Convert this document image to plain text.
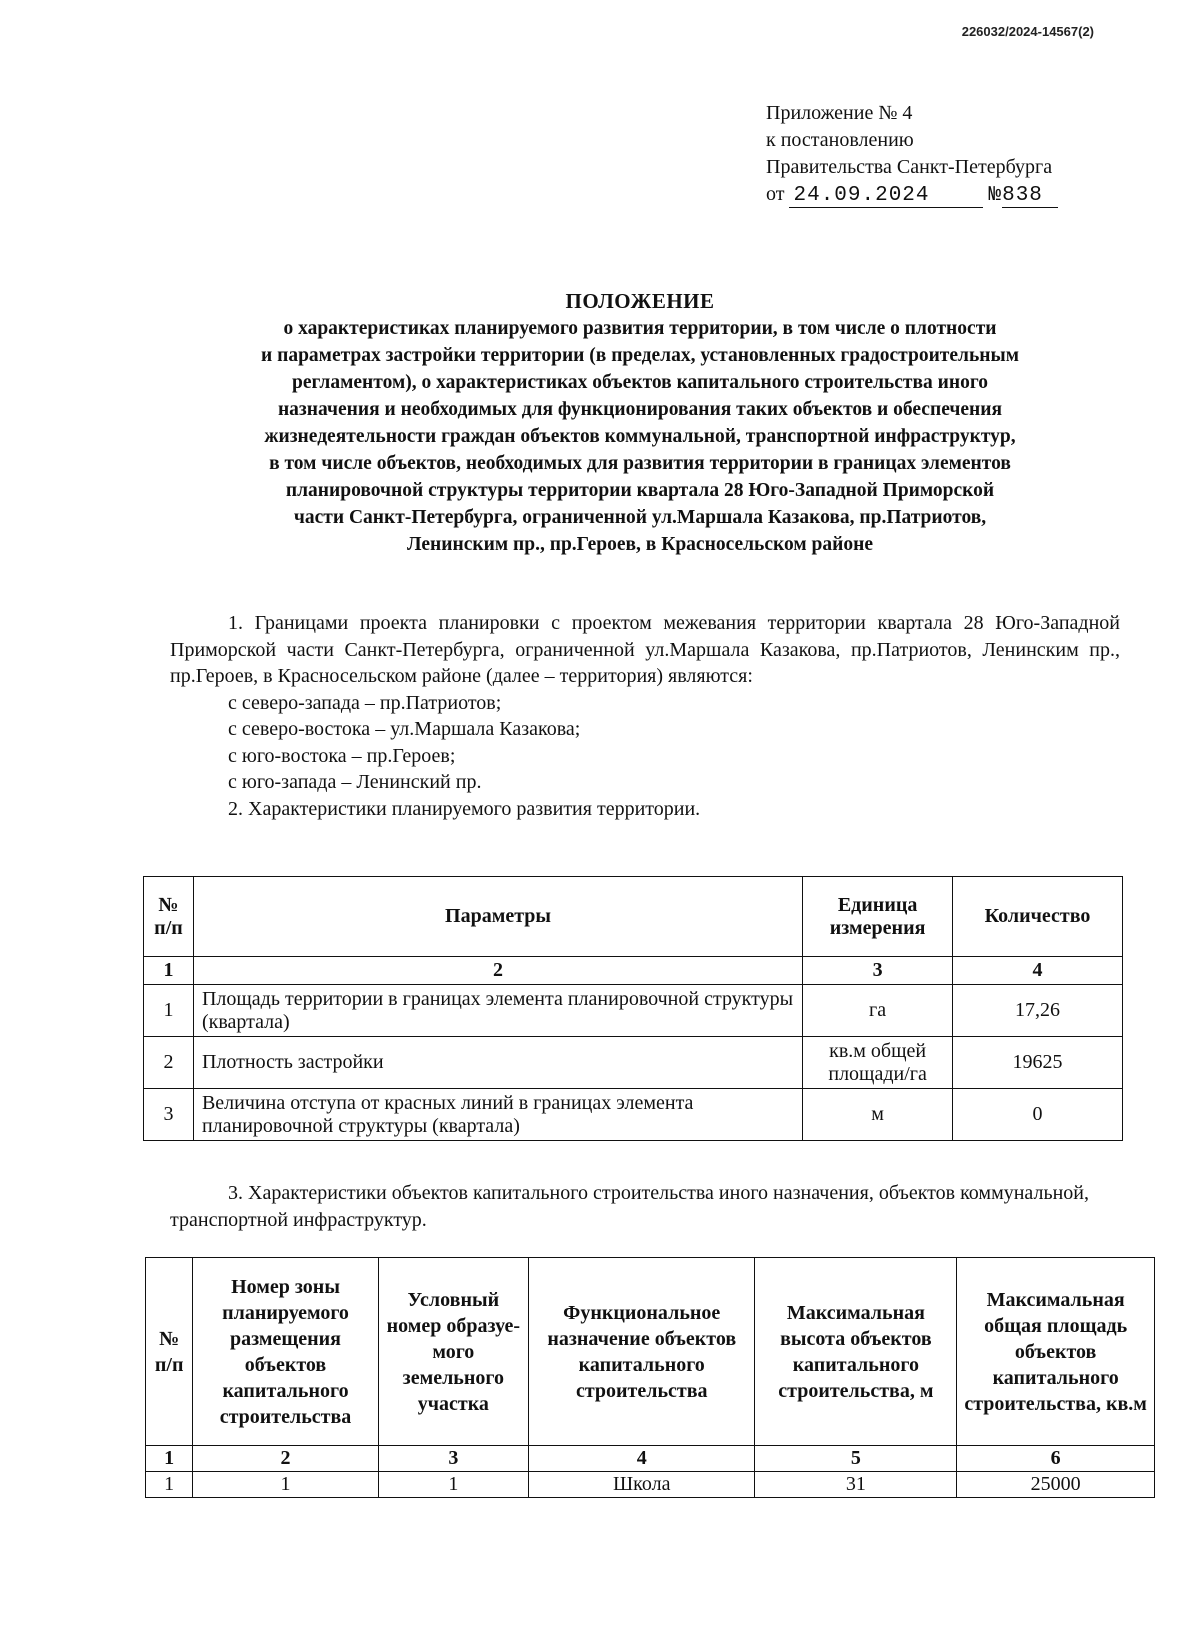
226032/2024-14567(2)
Приложение № 4
к постановлению
Правительства Санкт-Петербурга
от 24.09.2024	№838
ПОЛОЖЕНИЕ
о характеристиках планируемого развития территории, в том числе о плотности
и параметрах застройки территории (в пределах, установленных градостроительным
регламентом), о характеристиках объектов капитального строительства иного
назначения и необходимых для функционирования таких объектов и обеспечения
жизнедеятельности граждан объектов коммунальной, транспортной инфраструктур,
в том числе объектов, необходимых для развития территории в границах элементов
планировочной структуры территории квартала 28 Юго-Западной Приморской
части Санкт-Петербурга, ограниченной ул.Маршала Казакова, пр.Патриотов,
Ленинским пр., пр.Героев, в Красносельском районе

1. Границами проекта планировки с проектом межевания территории квартала 28 Юго-Западной Приморской части Санкт-Петербурга, ограниченной ул.Маршала Казакова, пр.Патриотов, Ленинским пр., пр.Героев, в Красносельском районе (далее – территория) являются:

с северо-запада – пр.Патриотов;

с северо-востока – ул.Маршала Казакова;

с юго-востока – пр.Героев;

с юго-запада – Ленинский пр.

2. Характеристики планируемого развития территории.

№ п/п	Параметры	Единица измерения	Количество
1	2	3	4
1	Площадь территории в границах элемента планировочной структуры (квартала)	га	17,26
2	Плотность застройки	кв.м общей площади/га	19625
3	Величина отступа от красных линий в границах элемента планировочной структуры (квартала)	м	0

3. Характеристики объектов капитального строительства иного назначения, объектов коммунальной, транспортной инфраструктур.

№ п/п	Номер зоны планируемого размещения объектов капитального строительства	Условный номер образуе-мого земельного участка	Функциональное назначение объектов капитального строительства	Максимальная высота объектов капитального строительства, м	Максимальная общая площадь объектов капитального строительства, кв.м
1	2	3	4	5	6
1	1	1	Школа	31	25000
